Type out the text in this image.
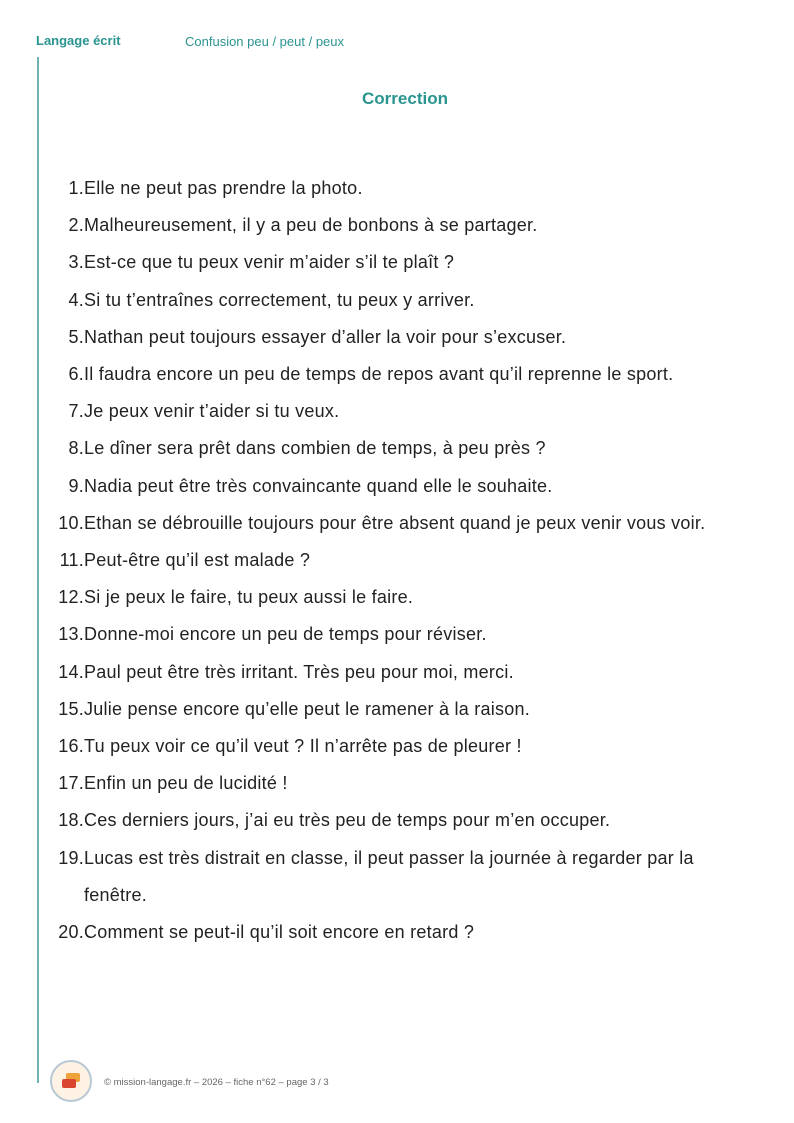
Langage écrit	Confusion peu / peut / peux
Correction
1. Elle ne peut pas prendre la photo.
2. Malheureusement, il y a peu de bonbons à se partager.
3. Est-ce que tu peux venir m’aider s’il te plaît ?
4. Si tu t’entraînes correctement, tu peux y arriver.
5. Nathan peut toujours essayer d’aller la voir pour s’excuser.
6. Il faudra encore un peu de temps de repos avant qu’il reprenne le sport.
7. Je peux venir t’aider si tu veux.
8. Le dîner sera prêt dans combien de temps, à peu près ?
9. Nadia peut être très convaincante quand elle le souhaite.
10. Ethan se débrouille toujours pour être absent quand je peux venir vous voir.
11. Peut-être qu’il est malade ?
12. Si je peux le faire, tu peux aussi le faire.
13. Donne-moi encore un peu de temps pour réviser.
14. Paul peut être très irritant. Très peu pour moi, merci.
15. Julie pense encore qu’elle peut le ramener à la raison.
16. Tu peux voir ce qu’il veut ? Il n’arrête pas de pleurer !
17. Enfin un peu de lucidité !
18. Ces derniers jours, j’ai eu très peu de temps pour m’en occuper.
19. Lucas est très distrait en classe, il peut passer la journée à regarder par la fenêtre.
20. Comment se peut-il qu’il soit encore en retard ?
© mission-langage.fr – 2026 – fiche n°62 – page 3 / 3
